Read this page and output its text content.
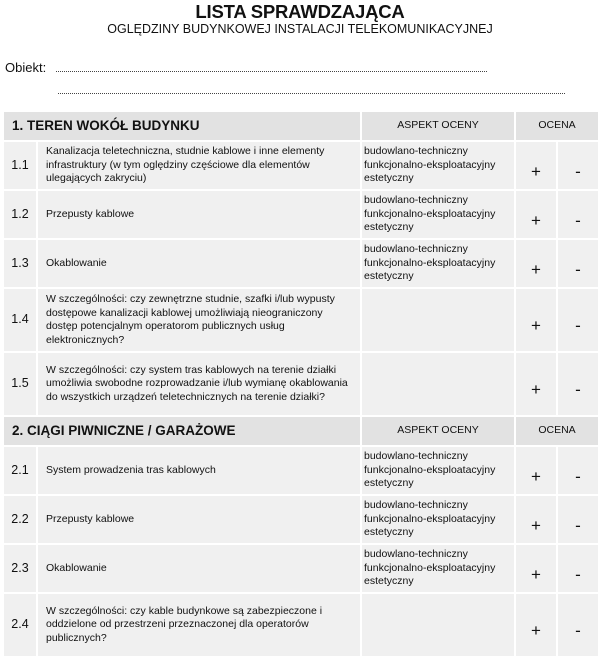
LISTA SPRAWDZAJĄCA
OGLĘDZINY BUDYNKOWEJ INSTALACJI TELEKOMUNIKACYJNEJ
Obiekt:
1. TEREN WOKÓŁ BUDYNKU		ASPEKT OCENY	OCENA	
1.1	Kanalizacja teletechniczna, studnie kablowe i inne elementy infrastruktury (w tym oględziny częściowe dla elementów ulegających zakryciu)	budowlano-techniczny
funkcjonalno-eksploatacyjny
estetyczny	+	-
1.2	Przepusty kablowe	budowlano-techniczny
funkcjonalno-eksploatacyjny
estetyczny	+	-
1.3	Okablowanie	budowlano-techniczny
funkcjonalno-eksploatacyjny
estetyczny	+	-
1.4	W szczególności: czy zewnętrzne studnie, szafki i/lub wypusty dostępowe kanalizacji kablowej umożliwiają nieograniczony dostęp potencjalnym operatorom publicznych usług elektronicznych?		+	-
1.5	W szczególności: czy system tras kablowych na terenie działki umożliwia swobodne rozprowadzanie i/lub wymianę okablowania do wszystkich urządzeń teletechnicznych na terenie działki?		+	-
2. CIĄGI PIWNICZNE / GARAŻOWE		ASPEKT OCENY	OCENA	
2.1	System prowadzenia tras kablowych	budowlano-techniczny
funkcjonalno-eksploatacyjny
estetyczny	+	-
2.2	Przepusty kablowe	budowlano-techniczny
funkcjonalno-eksploatacyjny
estetyczny	+	-
2.3	Okablowanie	budowlano-techniczny
funkcjonalno-eksploatacyjny
estetyczny	+	-
2.4	W szczególności: czy kable budynkowe są zabezpieczone i oddzielone od przestrzeni przeznaczonej dla operatorów publicznych?		+	-
